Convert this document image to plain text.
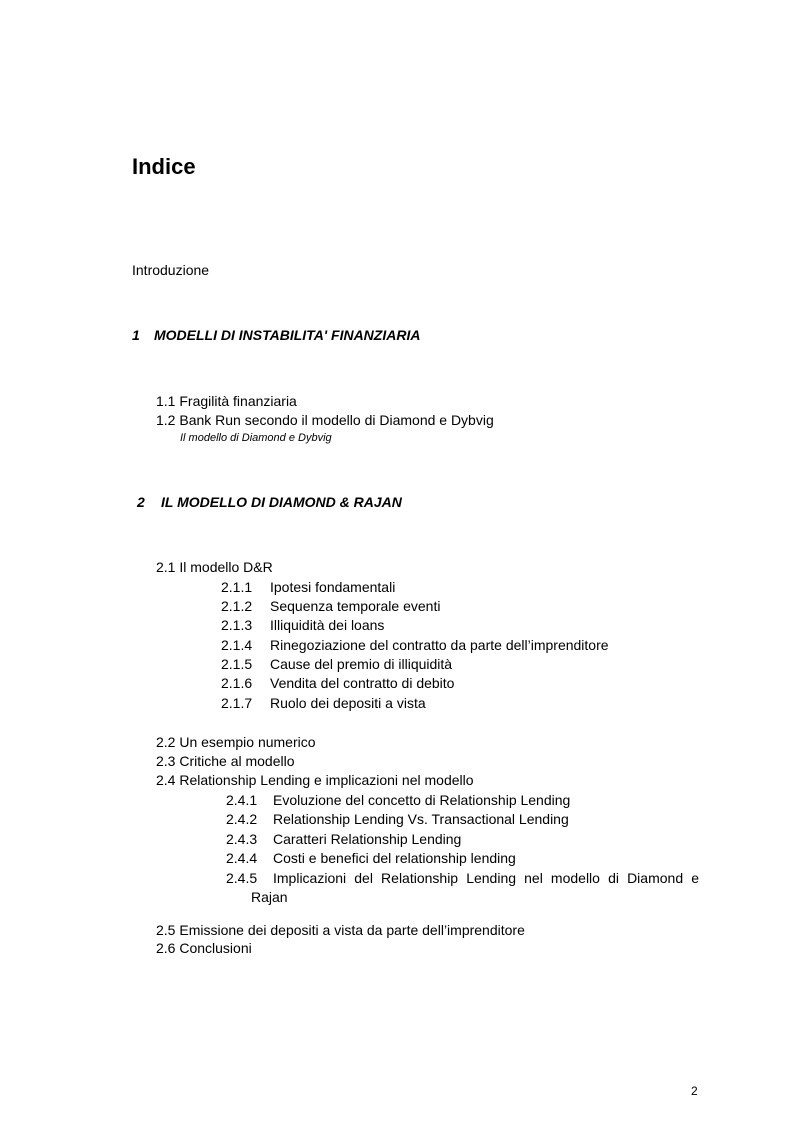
Indice
Introduzione
1 MODELLI DI INSTABILITA' FINANZIARIA
1.1 Fragilità finanziaria
1.2 Bank Run secondo il modello di Diamond e Dybvig
Il modello di Diamond e Dybvig
2 IL MODELLO DI DIAMOND & RAJAN
2.1 Il modello D&R
2.1.1 Ipotesi fondamentali
2.1.2 Sequenza temporale eventi
2.1.3 Illiquidità dei loans
2.1.4 Rinegoziazione del contratto da parte dell’imprenditore
2.1.5 Cause del premio di illiquidità
2.1.6 Vendita del contratto di debito
2.1.7 Ruolo dei depositi a vista
2.2 Un esempio numerico
2.3 Critiche al modello
2.4 Relationship Lending e implicazioni nel modello
2.4.1 Evoluzione del concetto di Relationship Lending
2.4.2 Relationship Lending Vs. Transactional Lending
2.4.3 Caratteri Relationship Lending
2.4.4 Costi e benefici del relationship lending
2.4.5 Implicazioni del Relationship Lending nel modello di Diamond e
Rajan
2.5 Emissione dei depositi a vista da parte dell’imprenditore
2.6 Conclusioni
2
